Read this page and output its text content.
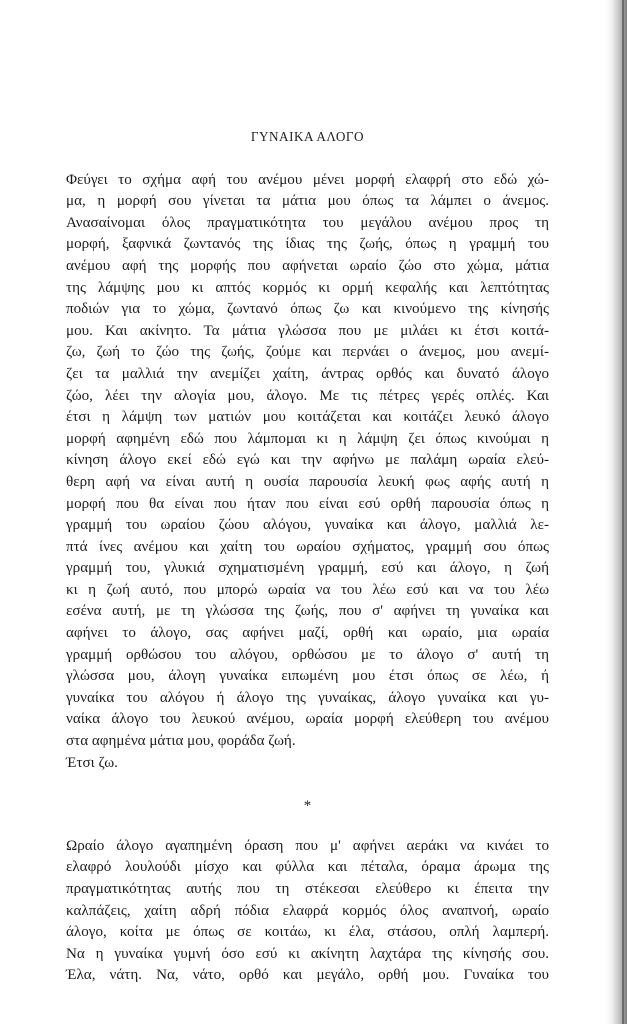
ΓΥΝΑΙΚΑ ΑΛΟΓΟ
Φεύγει το σχήμα αφή του ανέμου μένει μορφή ελαφρή στο εδώ χώ-
μα, η μορφή σου γίνεται τα μάτια μου όπως τα λάμπει ο άνεμος.
Ανασαίνομαι όλος πραγματικότητα του μεγάλου ανέμου προς τη
μορφή, ξαφνικά ζωντανός της ίδιας της ζωής, όπως η γραμμή του
ανέμου αφή της μορφής που αφήνεται ωραίο ζώο στο χώμα, μάτια
της λάμψης μου κι απτός κορμός κι ορμή κεφαλής και λεπτότητας
ποδιών για το χώμα, ζωντανό όπως ζω και κινούμενο της κίνησής
μου. Και ακίνητο. Τα μάτια γλώσσα που με μιλάει κι έτσι κοιτά-
ζω, ζωή το ζώο της ζωής, ζούμε και περνάει ο άνεμος, μου ανεμί-
ζει τα μαλλιά την ανεμίζει χαίτη, άντρας ορθός και δυνατό άλογο
ζώο, λέει την αλογία μου, άλογο. Με τις πέτρες γερές οπλές. Και
έτσι η λάμψη των ματιών μου κοιτάζεται και κοιτάζει λευκό άλογο
μορφή αφημένη εδώ που λάμπομαι κι η λάμψη ζει όπως κινούμαι η
κίνηση άλογο εκεί εδώ εγώ και την αφήνω με παλάμη ωραία ελεύ-
θερη αφή να είναι αυτή η ουσία παρουσία λευκή φως αφής αυτή η
μορφή που θα είναι που ήταν που είναι εσύ ορθή παρουσία όπως η
γραμμή του ωραίου ζώου αλόγου, γυναίκα και άλογο, μαλλιά λε-
πτά ίνες ανέμου και χαίτη του ωραίου σχήματος, γραμμή σου όπως
γραμμή του, γλυκιά σχηματισμένη γραμμή, εσύ και άλογο, η ζωή
κι η ζωή αυτό, που μπορώ ωραία να του λέω εσύ και να του λέω
εσένα αυτή, με τη γλώσσα της ζωής, που σ' αφήνει τη γυναίκα και
αφήνει το άλογο, σας αφήνει μαζί, ορθή και ωραίο, μια ωραία
γραμμή ορθώσου του αλόγου, ορθώσου με το άλογο σ' αυτή τη
γλώσσα μου, άλογη γυναίκα ειπωμένη μου έτσι όπως σε λέω, ή
γυναίκα του αλόγου ή άλογο της γυναίκας, άλογο γυναίκα και γυ-
ναίκα άλογο του λευκού ανέμου, ωραία μορφή ελεύθερη του ανέμου
στα αφημένα μάτια μου, φοράδα ζωή.
Έτσι ζω.
*
Ωραίο άλογο αγαπημένη όραση που μ' αφήνει αεράκι να κινάει το
ελαφρό λουλούδι μίσχο και φύλλα και πέταλα, όραμα άρωμα της
πραγματικότητας αυτής που τη στέκεσαι ελεύθερο κι έπειτα την
καλπάζεις, χαίτη αδρή πόδια ελαφρά κορμός όλος αναπνοή, ωραίο
άλογο, κοίτα με όπως σε κοιτάω, κι έλα, στάσου, οπλή λαμπερή.
Να η γυναίκα γυμνή όσο εσύ κι ακίνητη λαχτάρα της κίνησής σου.
Έλα, νάτη. Να, νάτο, ορθό και μεγάλο, ορθή μου. Γυναίκα του
